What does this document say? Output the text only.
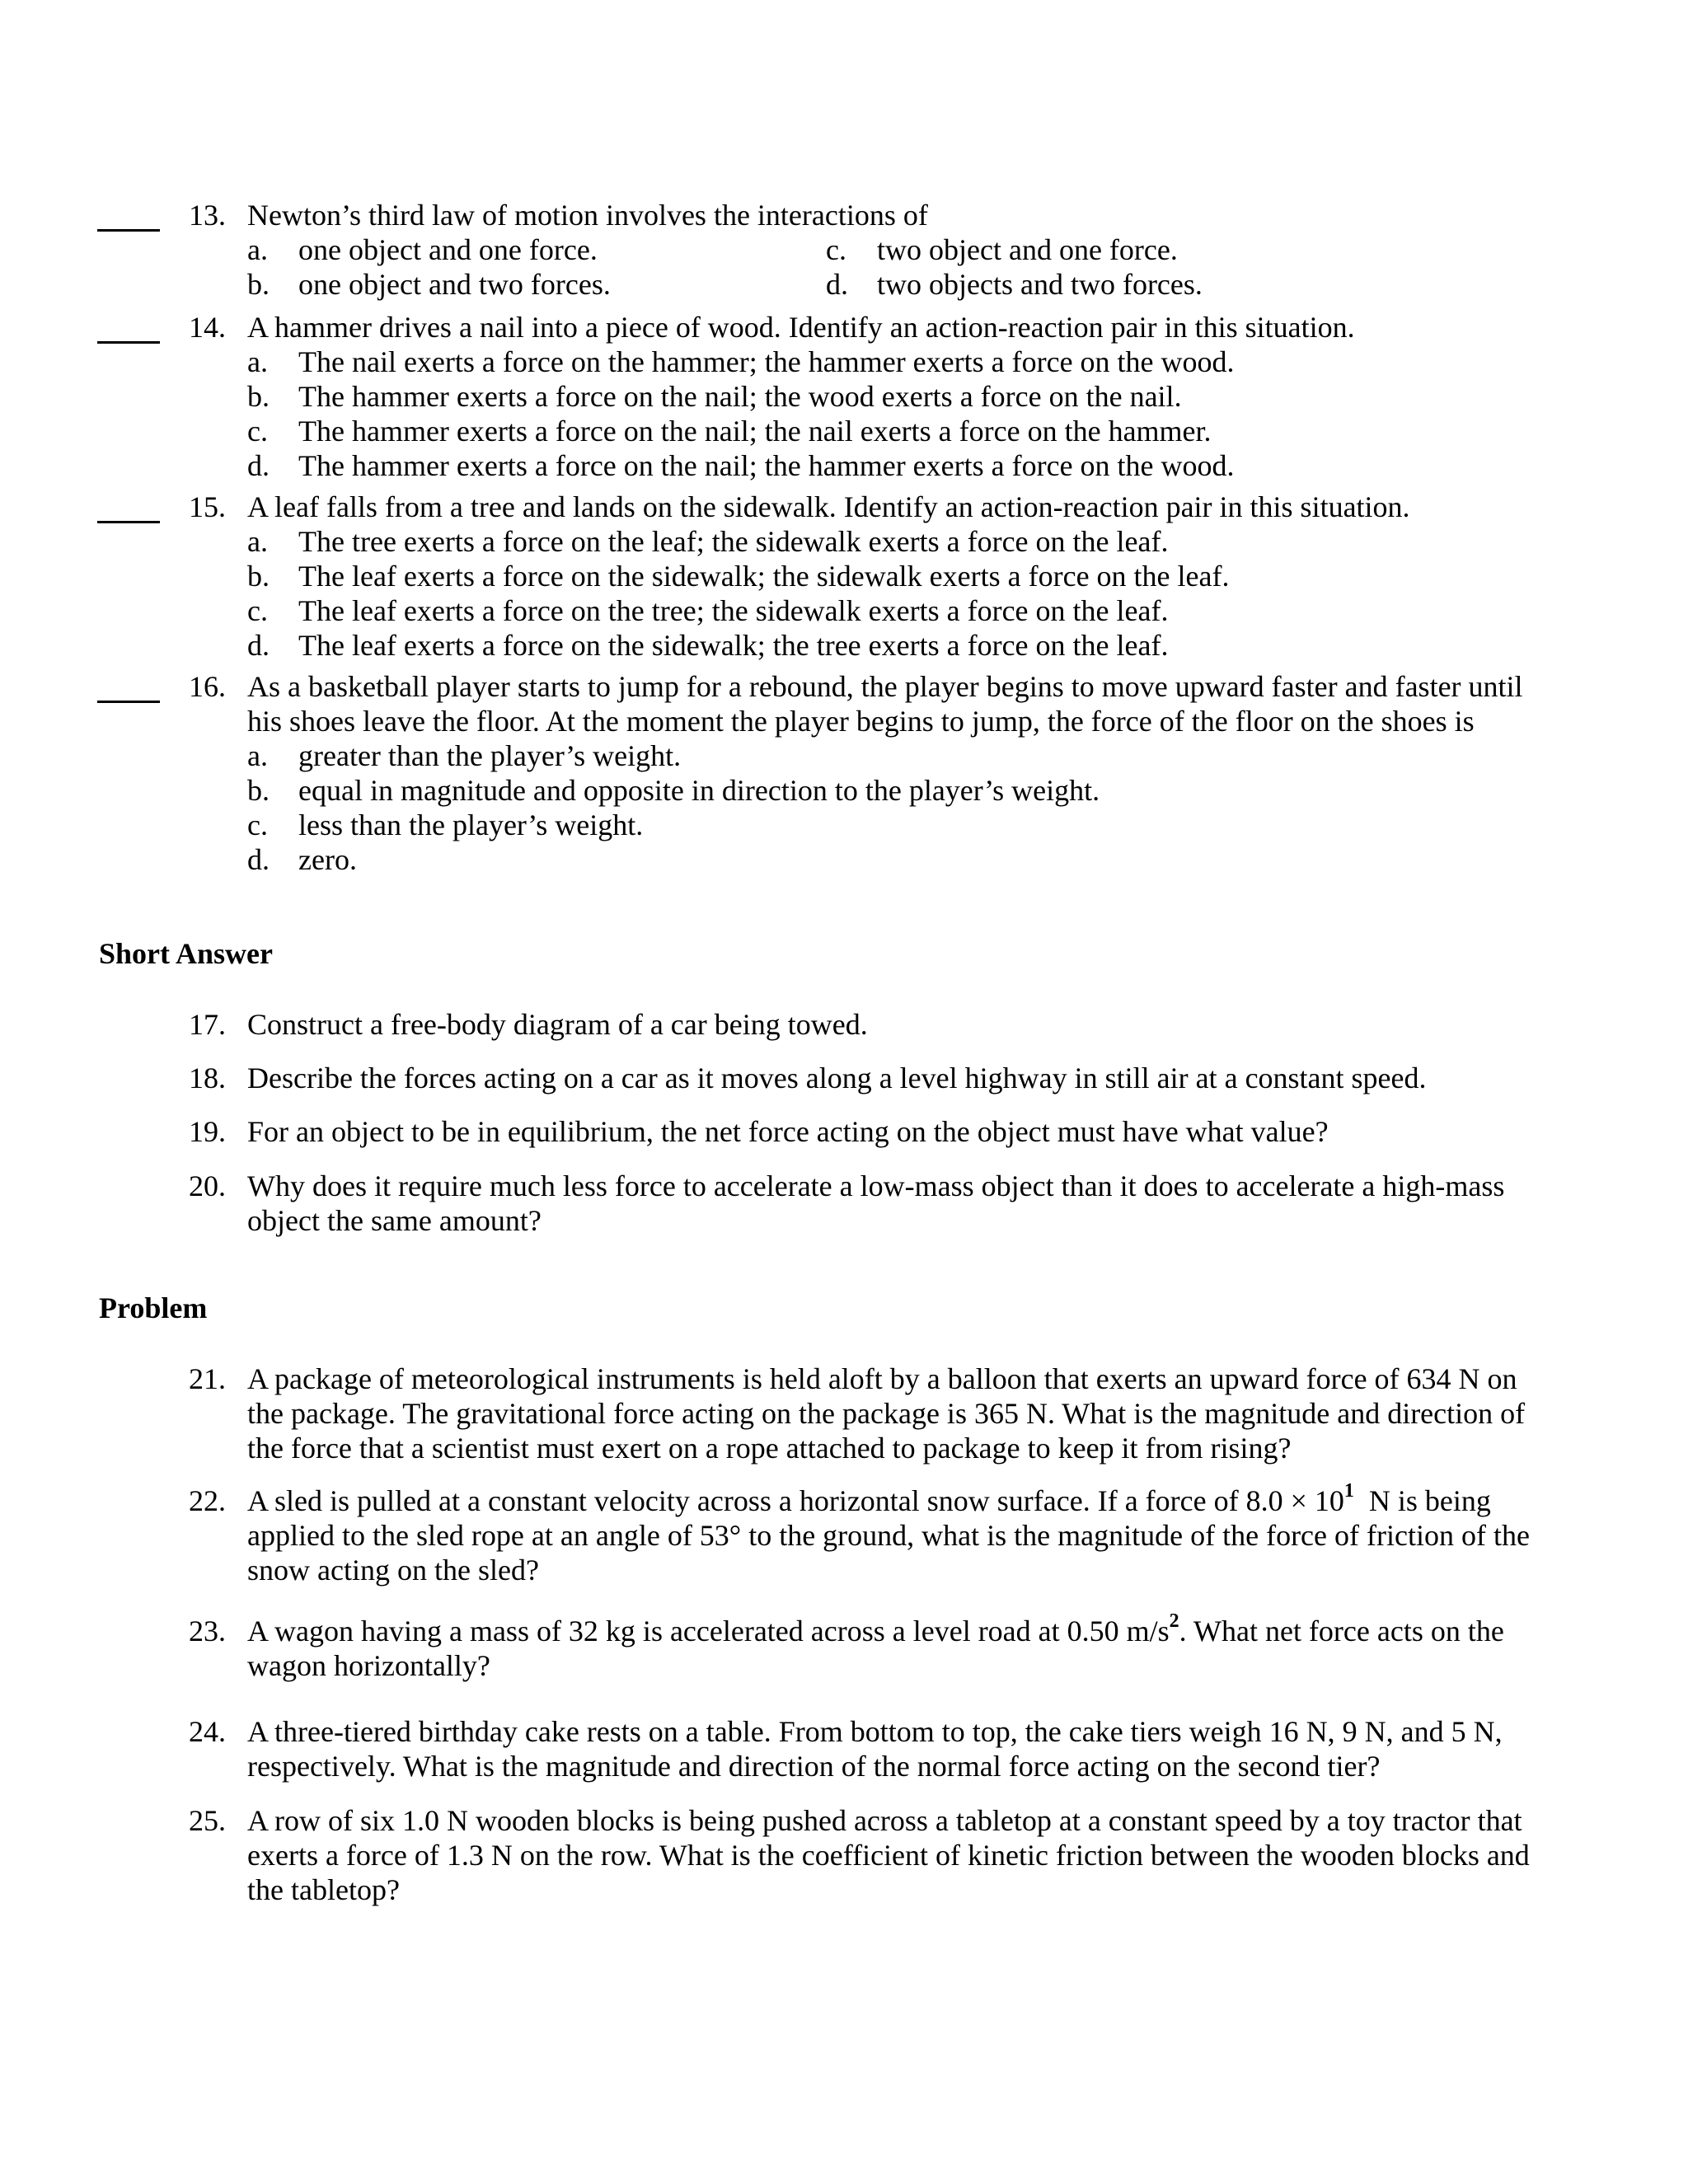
13. Newton’s third law of motion involves the interactions of
a.	one object and one force.
b. one object and two forces.
c.	two object and one force.
d. two objects and two forces.
14. A hammer drives a nail into a piece of wood. Identify an action-reaction pair in this situation.
a.	The nail exerts a force on the hammer; the hammer exerts a force on the wood.
b. The hammer exerts a force on the nail; the wood exerts a force on the nail.
c.	The hammer exerts a force on the nail; the nail exerts a force on the hammer.
d. The hammer exerts a force on the nail; the hammer exerts a force on the wood.
15. A leaf falls from a tree and lands on the sidewalk. Identify an action-reaction pair in this situation.
a.	The tree exerts a force on the leaf; the sidewalk exerts a force on the leaf.
b. The leaf exerts a force on the sidewalk; the sidewalk exerts a force on the leaf.
c.	The leaf exerts a force on the tree; the sidewalk exerts a force on the leaf.
d. The leaf exerts a force on the sidewalk; the tree exerts a force on the leaf.
16. As a basketball player starts to jump for a rebound, the player begins to move upward faster and faster until
his shoes leave the floor. At the moment the player begins to jump, the force of the floor on the shoes is
a.	greater than the player’s weight.
b. equal in magnitude and opposite in direction to the player’s weight.
c.	less than the player’s weight.
d. zero.
Short Answer
17. Construct a free-body diagram of a car being towed.
18. Describe the forces acting on a car as it moves along a level highway in still air at a constant speed.
19. For an object to be in equilibrium, the net force acting on the object must have what value?
20. Why does it require much less force to accelerate a low-mass object than it does to accelerate a high-mass
object the same amount?
Problem
21. A package of meteorological instruments is held aloft by a balloon that exerts an upward force of 634 N on
the package. The gravitational force acting on the package is 365 N. What is the magnitude and direction of
the force that a scientist must exert on a rope attached to package to keep it from rising?
22. A sled is pulled at a constant velocity across a horizontal snow surface. If a force of $8.0 \times 10^1$  N is being
applied to the sled rope at an angle of 53° to the ground, what is the magnitude of the force of friction of the
snow acting on the sled?
23. A wagon having a mass of 32 kg is accelerated across a level road at 0.50 $m/s^2$. What net force acts on the
wagon horizontally?
24. A three-tiered birthday cake rests on a table. From bottom to top, the cake tiers weigh 16 N, 9 N, and 5 N,
respectively. What is the magnitude and direction of the normal force acting on the second tier?
25. A row of six 1.0 N wooden blocks is being pushed across a tabletop at a constant speed by a toy tractor that
exerts a force of 1.3 N on the row. What is the coefficient of kinetic friction between the wooden blocks and
the tabletop?
